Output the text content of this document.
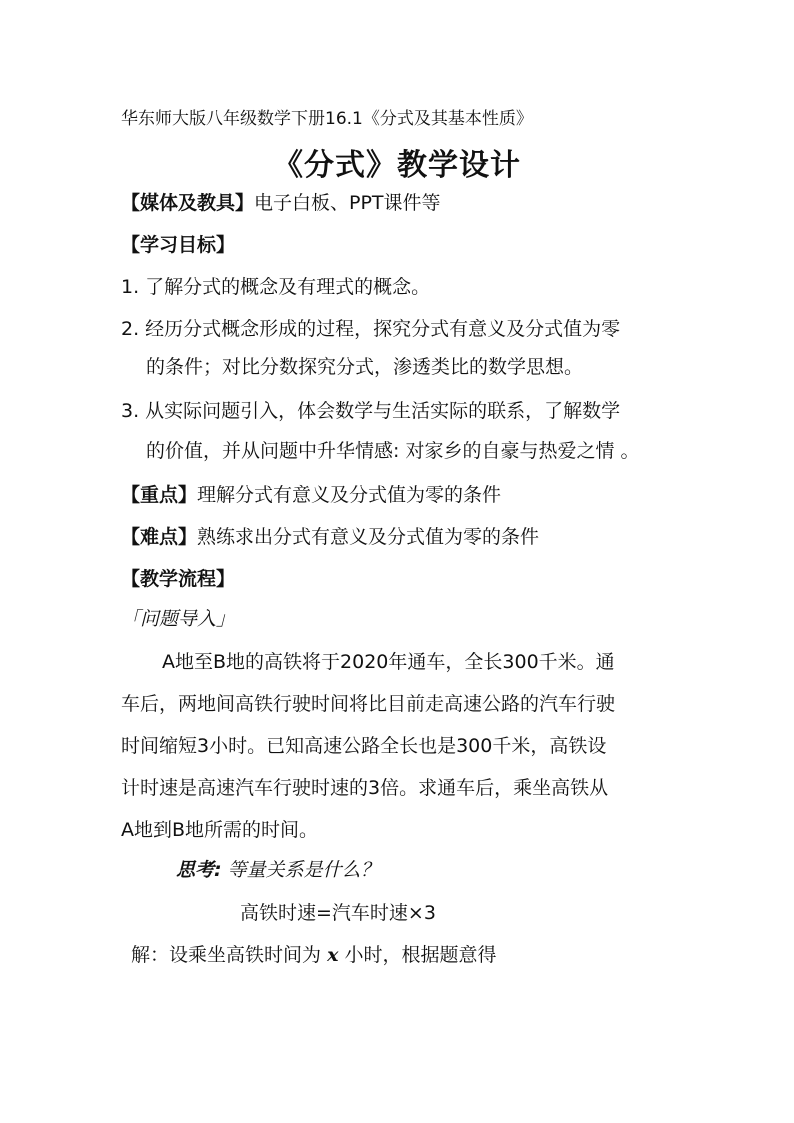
华东师大版八年级数学下册16.1《分式及其基本性质》
《分式》教学设计
【媒体及教具】电子白板、PPT课件等
【学习目标】
1. 了解分式的概念及有理式的概念。
2. 经历分式概念形成的过程，探究分式有意义及分式值为零
的条件；对比分数探究分式，渗透类比的数学思想。
3. 从实际问题引入，体会数学与生活实际的联系，了解数学
的价值，并从问题中升华情感: 对家乡的自豪与热爱之情 。
【重点】理解分式有意义及分式值为零的条件
【难点】熟练求出分式有意义及分式值为零的条件
【教学流程】
「问题导入」
A地至B地的高铁将于2020年通车，全长300千米。通
车后，两地间高铁行驶时间将比目前走高速公路的汽车行驶
时间缩短3小时。已知高速公路全长也是300千米，高铁设
计时速是高速汽车行驶时速的3倍。求通车后，乘坐高铁从
A地到B地所需的时间。
思考: 等量关系是什么？
高铁时速=汽车时速×3
解：设乘坐高铁时间为 x 小时，根据题意得
